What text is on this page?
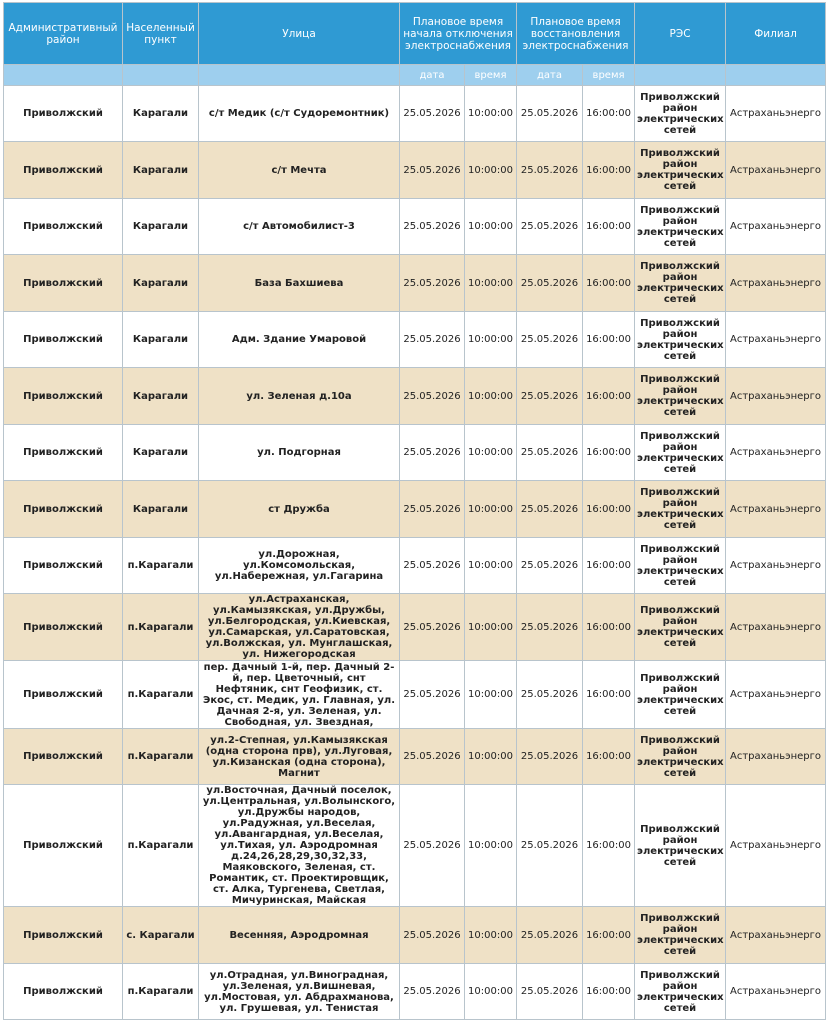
Административный район	Населенный пункт	Улица	Плановое время начала отключения электроснабжения		Плановое время восстановления электроснабжения		РЭС	Филиал
			дата	время	дата	время		
Приволжский	Карагали	с/т Медик (с/т Судоремонтник)	25.05.2026	10:00:00	25.05.2026	16:00:00	Приволжский район электрических сетей	Астраханьэнерго
Приволжский	Карагали	с/т Мечта	25.05.2026	10:00:00	25.05.2026	16:00:00	Приволжский район электрических сетей	Астраханьэнерго
Приволжский	Карагали	с/т Автомобилист-3	25.05.2026	10:00:00	25.05.2026	16:00:00	Приволжский район электрических сетей	Астраханьэнерго
Приволжский	Карагали	База Бахшиева	25.05.2026	10:00:00	25.05.2026	16:00:00	Приволжский район электрических сетей	Астраханьэнерго
Приволжский	Карагали	Адм. Здание Умаровой	25.05.2026	10:00:00	25.05.2026	16:00:00	Приволжский район электрических сетей	Астраханьэнерго
Приволжский	Карагали	ул. Зеленая д.10а	25.05.2026	10:00:00	25.05.2026	16:00:00	Приволжский район электрических сетей	Астраханьэнерго
Приволжский	Карагали	ул. Подгорная	25.05.2026	10:00:00	25.05.2026	16:00:00	Приволжский район электрических сетей	Астраханьэнерго
Приволжский	Карагали	ст Дружба	25.05.2026	10:00:00	25.05.2026	16:00:00	Приволжский район электрических сетей	Астраханьэнерго
Приволжский	п.Карагали	ул.Дорожная, ул.Комсомольская, ул.Набережная, ул.Гагарина	25.05.2026	10:00:00	25.05.2026	16:00:00	Приволжский район электрических сетей	Астраханьэнерго
Приволжский	п.Карагали	ул.Астраханская, ул.Камызякская, ул.Дружбы, ул.Белгородская, ул.Киевская, ул.Самарская, ул.Саратовская, ул.Волжская, ул. Мунглашская, ул. Нижегородская	25.05.2026	10:00:00	25.05.2026	16:00:00	Приволжский район электрических сетей	Астраханьэнерго
Приволжский	п.Карагали	пер. Дачный 1-й, пер. Дачный 2-й, пер. Цветочный, снт Нефтяник, снт Геофизик, ст. Экос, ст. Медик, ул. Главная, ул. Дачная 2-я, ул. Зеленая, ул. Свободная, ул. Звездная,	25.05.2026	10:00:00	25.05.2026	16:00:00	Приволжский район электрических сетей	Астраханьэнерго
Приволжский	п.Карагали	ул.2-Степная, ул.Камызякская (одна сторона прв), ул.Луговая, ул.Кизанская (одна сторона), Магнит	25.05.2026	10:00:00	25.05.2026	16:00:00	Приволжский район электрических сетей	Астраханьэнерго
Приволжский	п.Карагали	ул.Восточная, Дачный поселок, ул.Центральная, ул.Волынского, ул.Дружбы народов, ул.Радужная, ул.Веселая, ул.Авангардная, ул.Веселая, ул.Тихая, ул. Аэродромная д.24,26,28,29,30,32,33, Маяковского, Зеленая, ст. Романтик, ст. Проектировщик, ст. Алка, Тургенева, Светлая, Мичуринская, Майская	25.05.2026	10:00:00	25.05.2026	16:00:00	Приволжский район электрических сетей	Астраханьэнерго
Приволжский	с. Карагали	Весенняя, Аэродромная	25.05.2026	10:00:00	25.05.2026	16:00:00	Приволжский район электрических сетей	Астраханьэнерго
Приволжский	п.Карагали	ул.Отрадная, ул.Виноградная, ул.Зеленая, ул.Вишневая, ул.Мостовая, ул. Абдрахманова, ул. Грушевая, ул. Тенистая	25.05.2026	10:00:00	25.05.2026	16:00:00	Приволжский район электрических сетей	Астраханьэнерго
